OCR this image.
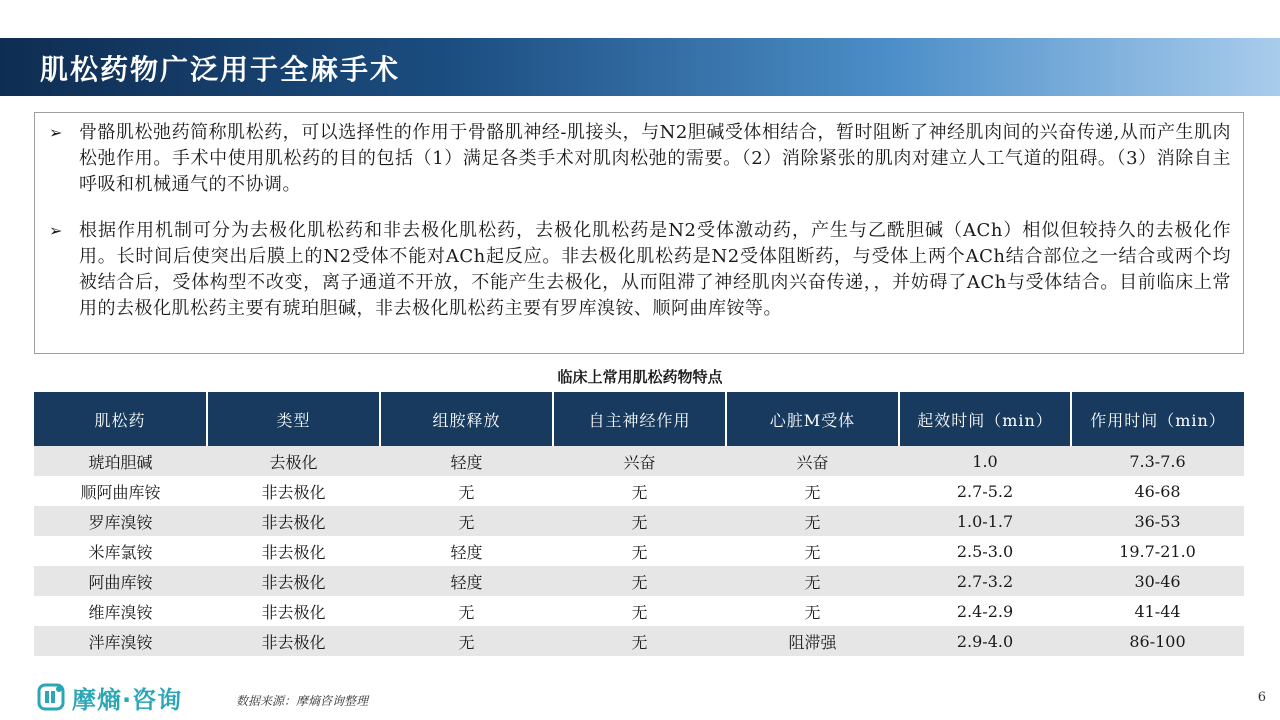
肌松药物广泛用于全麻手术
➢ 骨骼肌松弛药简称肌松药，可以选择性的作用于骨骼肌神经-肌接头，与N2胆碱受体相结合，暂时阻断了神经肌肉间的兴奋传递,从而产生肌肉松弛作用。手术中使用肌松药的目的包括（1）满足各类手术对肌肉松弛的需要。（2）消除紧张的肌肉对建立人工气道的阻碍。（3）消除自主呼吸和机械通气的不协调。
➢ 根据作用机制可分为去极化肌松药和非去极化肌松药，去极化肌松药是N2受体激动药，产生与乙酰胆碱（ACh）相似但较持久的去极化作用。长时间后使突出后膜上的N2受体不能对ACh起反应。非去极化肌松药是N2受体阻断药，与受体上两个ACh结合部位之一结合或两个均被结合后，受体构型不改变，离子通道不开放，不能产生去极化，从而阻滞了神经肌肉兴奋传递，，并妨碍了ACh与受体结合。目前临床上常用的去极化肌松药主要有琥珀胆碱，非去极化肌松药主要有罗库溴铵、顺阿曲库铵等。
临床上常用肌松药物特点
肌松药	类型	组胺释放	自主神经作用	心脏M受体	起效时间（min）	作用时间（min）
琥珀胆碱	去极化	轻度	兴奋	兴奋	1.0	7.3-7.6
顺阿曲库铵	非去极化	无	无	无	2.7-5.2	46-68
罗库溴铵	非去极化	无	无	无	1.0-1.7	36-53
米库氯铵	非去极化	轻度	无	无	2.5-3.0	19.7-21.0
阿曲库铵	非去极化	轻度	无	无	2.7-3.2	30-46
维库溴铵	非去极化	无	无	无	2.4-2.9	41-44
泮库溴铵	非去极化	无	无	阻滞强	2.9-4.0	86-100
摩熵·咨询	数据来源：摩熵咨询整理	6
